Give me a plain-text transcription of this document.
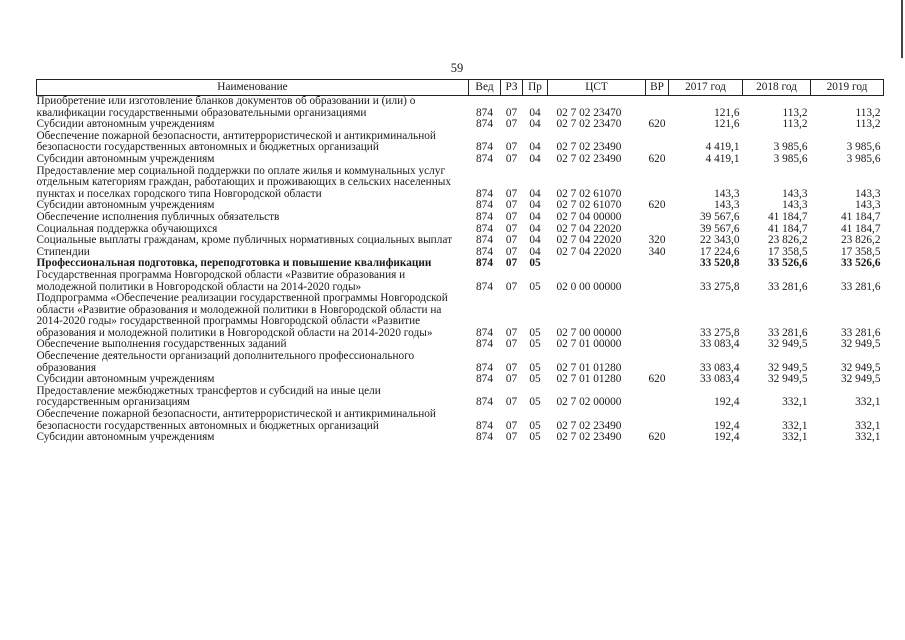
59
Наименование	Вед	РЗ	Пр	ЦСТ	ВР	2017 год	2018 год	2019 год
Приобретение или изготовление бланков документов об образовании и (или) о квалификации государственными образовательными организациями	874	07	04	02 7 02 23470		121,6	113,2	113,2
Субсидии автономным учреждениям	874	07	04	02 7 02 23470	620	121,6	113,2	113,2
Обеспечение пожарной безопасности, антитеррористической и антикриминальной безопасности государственных автономных и бюджетных организаций	874	07	04	02 7 02 23490		4 419,1	3 985,6	3 985,6
Субсидии автономным учреждениям	874	07	04	02 7 02 23490	620	4 419,1	3 985,6	3 985,6
Предоставление мер социальной поддержки по оплате жилья и коммунальных услуг отдельным категориям граждан, работающих и проживающих в сельских населенных пунктах и поселках городского типа Новгородской области	874	07	04	02 7 02 61070		143,3	143,3	143,3
Субсидии автономным учреждениям	874	07	04	02 7 02 61070	620	143,3	143,3	143,3
Обеспечение исполнения публичных обязательств	874	07	04	02 7 04 00000		39 567,6	41 184,7	41 184,7
Социальная поддержка обучающихся	874	07	04	02 7 04 22020		39 567,6	41 184,7	41 184,7
Социальные выплаты гражданам, кроме публичных нормативных социальных выплат	874	07	04	02 7 04 22020	320	22 343,0	23 826,2	23 826,2
Стипендии	874	07	04	02 7 04 22020	340	17 224,6	17 358,5	17 358,5
Профессиональная подготовка, переподготовка и повышение квалификации	874	07	05			33 520,8	33 526,6	33 526,6
Государственная программа Новгородской области «Развитие образования и молодежной политики в Новгородской области на 2014-2020 годы»	874	07	05	02 0 00 00000		33 275,8	33 281,6	33 281,6
Подпрограмма «Обеспечение реализации государственной программы Новгородской области «Развитие образования и молодежной политики в Новгородской области на 2014-2020 годы» государственной программы Новгородской области «Развитие образования и молодежной политики в Новгородской области на 2014-2020 годы»	874	07	05	02 7 00 00000		33 275,8	33 281,6	33 281,6
Обеспечение выполнения государственных заданий	874	07	05	02 7 01 00000		33 083,4	32 949,5	32 949,5
Обеспечение деятельности организаций дополнительного профессионального образования	874	07	05	02 7 01 01280		33 083,4	32 949,5	32 949,5
Субсидии автономным учреждениям	874	07	05	02 7 01 01280	620	33 083,4	32 949,5	32 949,5
Предоставление межбюджетных трансфертов и субсидий на иные цели государственным организациям	874	07	05	02 7 02 00000		192,4	332,1	332,1
Обеспечение пожарной безопасности, антитеррористической и антикриминальной безопасности государственных автономных и бюджетных организаций	874	07	05	02 7 02 23490		192,4	332,1	332,1
Субсидии автономным учреждениям	874	07	05	02 7 02 23490	620	192,4	332,1	332,1
